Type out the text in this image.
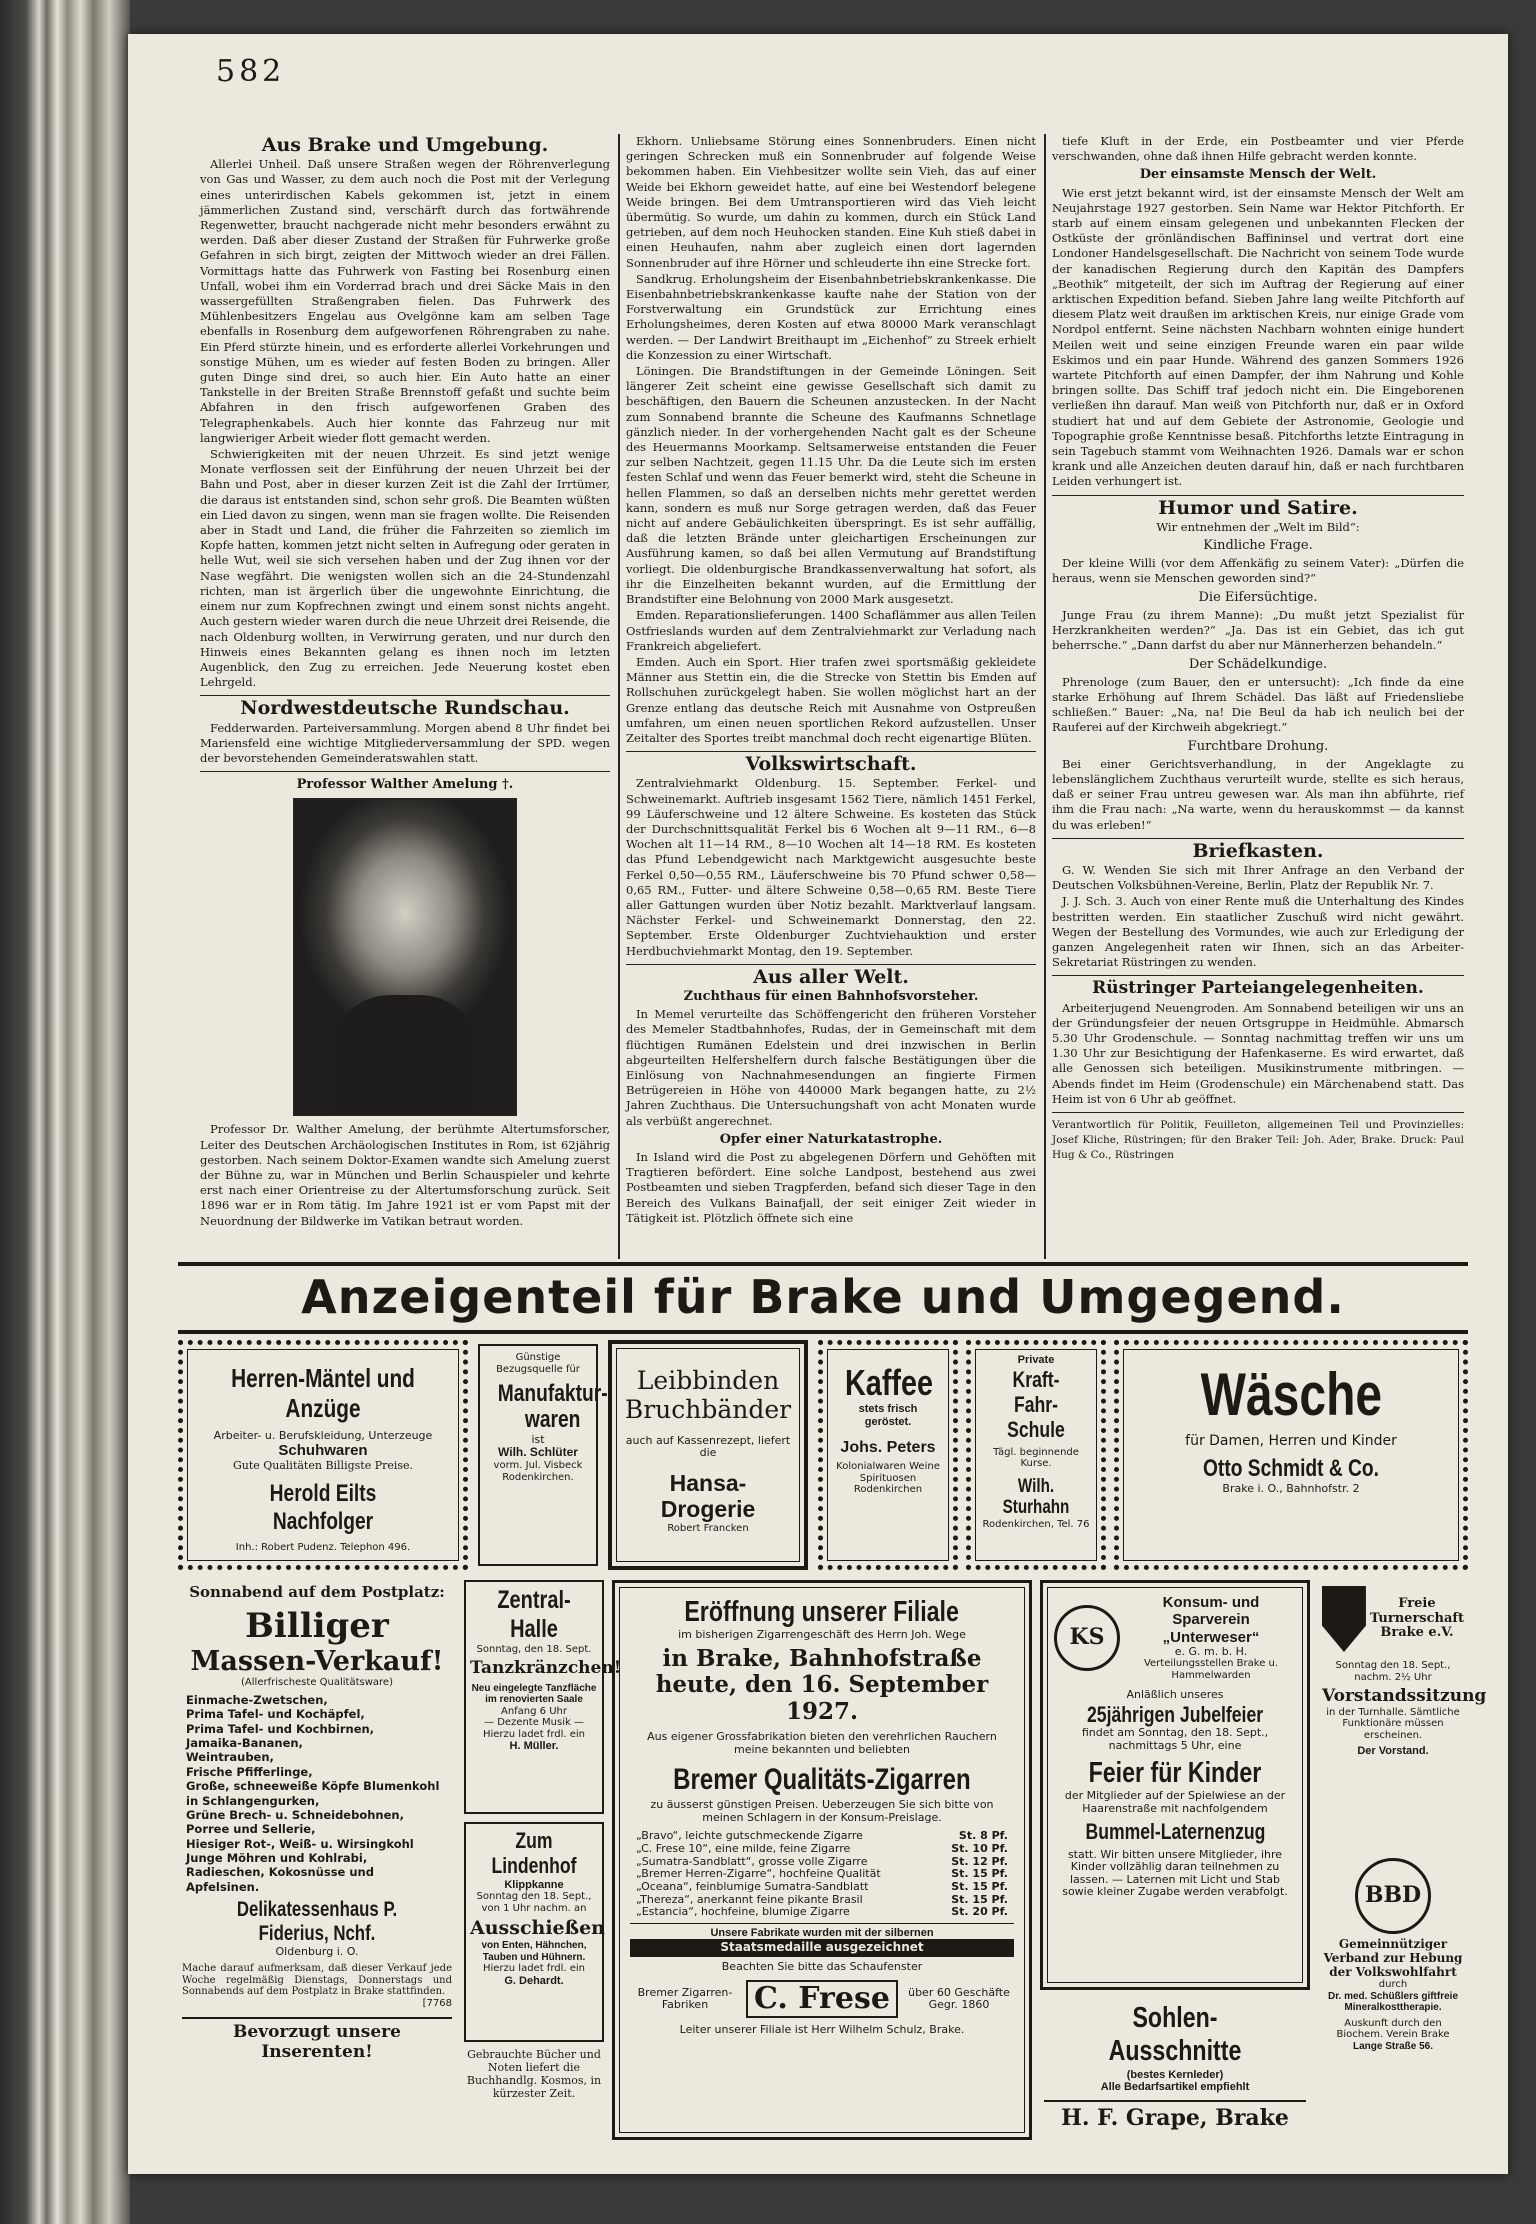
582
Aus Brake und Umgebung.

Allerlei Unheil. Daß unsere Straßen wegen der Röhrenverlegung von Gas und Wasser, zu dem auch noch die Post mit der Verlegung eines unterirdischen Kabels gekommen ist, jetzt in einem jämmerlichen Zustand sind, verschärft durch das fortwährende Regenwetter, braucht nachgerade nicht mehr besonders erwähnt zu werden. Daß aber dieser Zustand der Straßen für Fuhrwerke große Gefahren in sich birgt, zeigten der Mittwoch wieder an drei Fällen. Vormittags hatte das Fuhrwerk von Fasting bei Rosenburg einen Unfall, wobei ihm ein Vorderrad brach und drei Säcke Mais in den wassergefüllten Straßengraben fielen. Das Fuhrwerk des Mühlenbesitzers Engelau aus Ovelgönne kam am selben Tage ebenfalls in Rosenburg dem aufgeworfenen Röhrengraben zu nahe. Ein Pferd stürzte hinein, und es erforderte allerlei Vorkehrungen und sonstige Mühen, um es wieder auf festen Boden zu bringen. Aller guten Dinge sind drei, so auch hier. Ein Auto hatte an einer Tankstelle in der Breiten Straße Brennstoff gefaßt und suchte beim Abfahren in den frisch aufgeworfenen Graben des Telegraphenkabels. Auch hier konnte das Fahrzeug nur mit langwieriger Arbeit wieder flott gemacht werden.

Schwierigkeiten mit der neuen Uhrzeit. Es sind jetzt wenige Monate verflossen seit der Einführung der neuen Uhrzeit bei der Bahn und Post, aber in dieser kurzen Zeit ist die Zahl der Irrtümer, die daraus ist entstanden sind, schon sehr groß. Die Beamten wüßten ein Lied davon zu singen, wenn man sie fragen wollte. Die Reisenden aber in Stadt und Land, die früher die Fahrzeiten so ziemlich im Kopfe hatten, kommen jetzt nicht selten in Aufregung oder geraten in helle Wut, weil sie sich versehen haben und der Zug ihnen vor der Nase wegfährt. Die wenigsten wollen sich an die 24-Stundenzahl richten, man ist ärgerlich über die ungewohnte Einrichtung, die einem nur zum Kopfrechnen zwingt und einem sonst nichts angeht. Auch gestern wieder waren durch die neue Uhrzeit drei Reisende, die nach Oldenburg wollten, in Verwirrung geraten, und nur durch den Hinweis eines Bekannten gelang es ihnen noch im letzten Augenblick, den Zug zu erreichen. Jede Neuerung kostet eben Lehrgeld.

Nordwestdeutsche Rundschau.

Fedderwarden. Parteiversammlung. Morgen abend 8 Uhr findet bei Mariensfeld eine wichtige Mitgliederversammlung der SPD. wegen der bevorstehenden Gemeinderatswahlen statt.

Professor Walther Amelung †.

Professor Dr. Walther Amelung, der berühmte Altertumsforscher, Leiter des Deutschen Archäologischen Institutes in Rom, ist 62jährig gestorben. Nach seinem Doktor-Examen wandte sich Amelung zuerst der Bühne zu, war in München und Berlin Schauspieler und kehrte erst nach einer Orientreise zu der Altertumsforschung zurück. Seit 1896 war er in Rom tätig. Im Jahre 1921 ist er vom Papst mit der Neuordnung der Bildwerke im Vatikan betraut worden.

Ekhorn. Unliebsame Störung eines Sonnenbruders. Einen nicht geringen Schrecken muß ein Sonnenbruder auf folgende Weise bekommen haben. Ein Viehbesitzer wollte sein Vieh, das auf einer Weide bei Ekhorn geweidet hatte, auf eine bei Westendorf belegene Weide bringen. Bei dem Umtransportieren wird das Vieh leicht übermütig. So wurde, um dahin zu kommen, durch ein Stück Land getrieben, auf dem noch Heuhocken standen. Eine Kuh stieß dabei in einen Heuhaufen, nahm aber zugleich einen dort lagernden Sonnenbruder auf ihre Hörner und schleuderte ihn eine Strecke fort.

Sandkrug. Erholungsheim der Eisenbahnbetriebskrankenkasse. Die Eisenbahnbetriebskrankenkasse kaufte nahe der Station von der Forstverwaltung ein Grundstück zur Errichtung eines Erholungsheimes, deren Kosten auf etwa 80000 Mark veranschlagt werden. — Der Landwirt Breithaupt im „Eichenhof“ zu Streek erhielt die Konzession zu einer Wirtschaft.

Löningen. Die Brandstiftungen in der Gemeinde Löningen. Seit längerer Zeit scheint eine gewisse Gesellschaft sich damit zu beschäftigen, den Bauern die Scheunen anzustecken. In der Nacht zum Sonnabend brannte die Scheune des Kaufmanns Schnetlage gänzlich nieder. In der vorhergehenden Nacht galt es der Scheune des Heuermanns Moorkamp. Seltsamerweise entstanden die Feuer zur selben Nachtzeit, gegen 11.15 Uhr. Da die Leute sich im ersten festen Schlaf und wenn das Feuer bemerkt wird, steht die Scheune in hellen Flammen, so daß an derselben nichts mehr gerettet werden kann, sondern es muß nur Sorge getragen werden, daß das Feuer nicht auf andere Gebäulichkeiten überspringt. Es ist sehr auffällig, daß die letzten Brände unter gleichartigen Erscheinungen zur Ausführung kamen, so daß bei allen Vermutung auf Brandstiftung vorliegt. Die oldenburgische Brandkassenverwaltung hat sofort, als ihr die Einzelheiten bekannt wurden, auf die Ermittlung der Brandstifter eine Belohnung von 2000 Mark ausgesetzt.

Emden. Reparationslieferungen. 1400 Schaflämmer aus allen Teilen Ostfrieslands wurden auf dem Zentralviehmarkt zur Verladung nach Frankreich abgeliefert.

Emden. Auch ein Sport. Hier trafen zwei sportsmäßig gekleidete Männer aus Stettin ein, die die Strecke von Stettin bis Emden auf Rollschuhen zurückgelegt haben. Sie wollen möglichst hart an der Grenze entlang das deutsche Reich mit Ausnahme von Ostpreußen umfahren, um einen neuen sportlichen Rekord aufzustellen. Unser Zeitalter des Sportes treibt manchmal doch recht eigenartige Blüten.

Volkswirtschaft.

Zentralviehmarkt Oldenburg. 15. September. Ferkel- und Schweinemarkt. Auftrieb insgesamt 1562 Tiere, nämlich 1451 Ferkel, 99 Läuferschweine und 12 ältere Schweine. Es kosteten das Stück der Durchschnittsqualität Ferkel bis 6 Wochen alt 9—11 RM., 6—8 Wochen alt 11—14 RM., 8—10 Wochen alt 14—18 RM. Es kosteten das Pfund Lebendgewicht nach Marktgewicht ausgesuchte beste Ferkel 0,50—0,55 RM., Läuferschweine bis 70 Pfund schwer 0,58—0,65 RM., Futter- und ältere Schweine 0,58—0,65 RM. Beste Tiere aller Gattungen wurden über Notiz bezahlt. Marktverlauf langsam. Nächster Ferkel- und Schweinemarkt Donnerstag, den 22. September. Erste Oldenburger Zuchtviehauktion und erster Herdbuchviehmarkt Montag, den 19. September.

Aus aller Welt.
Zuchthaus für einen Bahnhofsvorsteher.

In Memel verurteilte das Schöffengericht den früheren Vorsteher des Memeler Stadtbahnhofes, Rudas, der in Gemeinschaft mit dem flüchtigen Rumänen Edelstein und drei inzwischen in Berlin abgeurteilten Helfershelfern durch falsche Bestätigungen über die Einlösung von Nachnahmesendungen an fingierte Firmen Betrügereien in Höhe von 440000 Mark begangen hatte, zu 2½ Jahren Zuchthaus. Die Untersuchungshaft von acht Monaten wurde als verbüßt angerechnet.

Opfer einer Naturkatastrophe.

In Island wird die Post zu abgelegenen Dörfern und Gehöften mit Tragtieren befördert. Eine solche Landpost, bestehend aus zwei Postbeamten und sieben Tragpferden, befand sich dieser Tage in den Bereich des Vulkans Bainafjall, der seit einiger Zeit wieder in Tätigkeit ist. Plötzlich öffnete sich eine

tiefe Kluft in der Erde, ein Postbeamter und vier Pferde verschwanden, ohne daß ihnen Hilfe gebracht werden konnte.

Der einsamste Mensch der Welt.

Wie erst jetzt bekannt wird, ist der einsamste Mensch der Welt am Neujahrstage 1927 gestorben. Sein Name war Hektor Pitchforth. Er starb auf einem einsam gelegenen und unbekannten Flecken der Ostküste der grönländischen Baffininsel und vertrat dort eine Londoner Handelsgesellschaft. Die Nachricht von seinem Tode wurde der kanadischen Regierung durch den Kapitän des Dampfers „Beothik“ mitgeteilt, der sich im Auftrag der Regierung auf einer arktischen Expedition befand. Sieben Jahre lang weilte Pitchforth auf diesem Platz weit draußen im arktischen Kreis, nur einige Grade vom Nordpol entfernt. Seine nächsten Nachbarn wohnten einige hundert Meilen weit und seine einzigen Freunde waren ein paar wilde Eskimos und ein paar Hunde. Während des ganzen Sommers 1926 wartete Pitchforth auf einen Dampfer, der ihm Nahrung und Kohle bringen sollte. Das Schiff traf jedoch nicht ein. Die Eingeborenen verließen ihn darauf. Man weiß von Pitchforth nur, daß er in Oxford studiert hat und auf dem Gebiete der Astronomie, Geologie und Topographie große Kenntnisse besaß. Pitchforths letzte Eintragung in sein Tagebuch stammt vom Weihnachten 1926. Damals war er schon krank und alle Anzeichen deuten darauf hin, daß er nach furchtbaren Leiden verhungert ist.

Humor und Satire.
Wir entnehmen der „Welt im Bild“:
Kindliche Frage.

Der kleine Willi (vor dem Affenkäfig zu seinem Vater): „Dürfen die heraus, wenn sie Menschen geworden sind?“

Die Eifersüchtige.

Junge Frau (zu ihrem Manne): „Du mußt jetzt Spezialist für Herzkrankheiten werden?“ „Ja. Das ist ein Gebiet, das ich gut beherrsche.“ „Dann darfst du aber nur Männerherzen behandeln.“

Der Schädelkundige.

Phrenologe (zum Bauer, den er untersucht): „Ich finde da eine starke Erhöhung auf Ihrem Schädel. Das läßt auf Friedensliebe schließen.“ Bauer: „Na, na! Die Beul da hab ich neulich bei der Rauferei auf der Kirchweih abgekriegt.“

Furchtbare Drohung.

Bei einer Gerichtsverhandlung, in der Angeklagte zu lebenslänglichem Zuchthaus verurteilt wurde, stellte es sich heraus, daß er seiner Frau untreu gewesen war. Als man ihn abführte, rief ihm die Frau nach: „Na warte, wenn du herauskommst — da kannst du was erleben!“

Briefkasten.

G. W. Wenden Sie sich mit Ihrer Anfrage an den Verband der Deutschen Volksbühnen-Vereine, Berlin, Platz der Republik Nr. 7.

J. J. Sch. 3. Auch von einer Rente muß die Unterhaltung des Kindes bestritten werden. Ein staatlicher Zuschuß wird nicht gewährt. Wegen der Bestellung des Vormundes, wie auch zur Erledigung der ganzen Angelegenheit raten wir Ihnen, sich an das Arbeiter-Sekretariat Rüstringen zu wenden.

Rüstringer Parteiangelegenheiten.

Arbeiterjugend Neuengroden. Am Sonnabend beteiligen wir uns an der Gründungsfeier der neuen Ortsgruppe in Heidmühle. Abmarsch 5.30 Uhr Grodenschule. — Sonntag nachmittag treffen wir uns um 1.30 Uhr zur Besichtigung der Hafenkaserne. Es wird erwartet, daß alle Genossen sich beteiligen. Musikinstrumente mitbringen. — Abends findet im Heim (Grodenschule) ein Märchenabend statt. Das Heim ist von 6 Uhr ab geöffnet.

Verantwortlich für Politik, Feuilleton, allgemeinen Teil und Provinzielles: Josef Kliche, Rüstringen; für den Braker Teil: Joh. Ader, Brake. Druck: Paul Hug & Co., Rüstringen

Anzeigenteil für Brake und Umgegend.
Herren-Mäntel und Anzüge
Arbeiter- u. Berufskleidung, Unterzeuge
Schuhwaren
Gute Qualitäten Billigste Preise.
Herold Eilts Nachfolger
Inh.: Robert Pudenz. Telephon 496.
Günstige Bezugsquelle für
Manufaktur-waren
ist
Wilh. Schlüter
vorm. Jul. Visbeck Rodenkirchen.
Leibbinden
Bruchbänder
auch auf Kassenrezept, liefert die
Hansa-Drogerie
Robert Francken
Kaffee
stets frisch geröstet.
Johs. Peters
Kolonialwaren Weine Spirituosen Rodenkirchen
Private
Kraft-Fahr-Schule
Tägl. beginnende Kurse.
Wilh. Sturhahn
Rodenkirchen, Tel. 76
Wäsche
für Damen, Herren und Kinder
Otto Schmidt & Co.
Brake i. O., Bahnhofstr. 2
Sonnabend auf dem Postplatz:
Billiger
Massen-Verkauf!
(Allerfrischeste Qualitätsware)
Einmache-Zwetschen,
Prima Tafel- und Kochäpfel,
Prima Tafel- und Kochbirnen,
Jamaika-Bananen,
Weintrauben,
Frische Pfifferlinge,
Große, schneeweiße Köpfe Blumenkohl
in Schlangengurken,
Grüne Brech- u. Schneidebohnen,
Porree und Sellerie,
Hiesiger Rot-, Weiß- u. Wirsingkohl
Junge Möhren und Kohlrabi,
Radieschen, Kokosnüsse und
Apfelsinen.
Delikatessenhaus P. Fiderius, Nchf.
Oldenburg i. O.
Mache darauf aufmerksam, daß dieser Verkauf jede Woche regelmäßig Dienstags, Donnerstags und Sonnabends auf dem Postplatz in Brake stattfinden.
[7768
Bevorzugt unsere Inserenten!
Zentral-Halle
Sonntag, den 18. Sept.
Tanzkränzchen!
Neu eingelegte Tanzfläche im renovierten Saale
Anfang 6 Uhr
— Dezente Musik —
Hierzu ladet frdl. ein
H. Müller.
Zum Lindenhof
Klippkanne
Sonntag den 18. Sept., von 1 Uhr nachm. an
Ausschießen
von Enten, Hähnchen, Tauben und Hühnern.
Hierzu ladet frdl. ein
G. Dehardt.
Gebrauchte Bücher und Noten liefert die Buchhandlg. Kosmos, in kürzester Zeit.
Eröffnung unserer Filiale
im bisherigen Zigarrengeschäft des Herrn Joh. Wege
in Brake, Bahnhofstraße
heute, den 16. September 1927.
Aus eigener Grossfabrikation bieten den verehrlichen Rauchern meine bekannten und beliebten
Bremer Qualitäts-Zigarren
zu äusserst günstigen Preisen. Ueberzeugen Sie sich bitte von meinen Schlagern in der Konsum-Preislage.
„Bravo“, leichte gutschmeckende Zigarre	St. 8 Pf.
„C. Frese 10“, eine milde, feine Zigarre	St. 10 Pf.
„Sumatra-Sandblatt“, grosse volle Zigarre	St. 12 Pf.
„Bremer Herren-Zigarre“, hochfeine Qualität	St. 15 Pf.
„Oceana“, feinblumige Sumatra-Sandblatt	St. 15 Pf.
„Thereza“, anerkannt feine pikante Brasil	St. 15 Pf.
„Estancia“, hochfeine, blumige Zigarre	St. 20 Pf.
Unsere Fabrikate wurden mit der silbernen
Staatsmedaille ausgezeichnet
Beachten Sie bitte das Schaufenster
Bremer Zigarren-Fabriken	C. Frese	über 60 Geschäfte Gegr. 1860
Leiter unserer Filiale ist Herr Wilhelm Schulz, Brake.
KS
Konsum- und Sparverein „Unterweser“
e. G. m. b. H.
Verteilungsstellen Brake u. Hammelwarden
Anläßlich unseres
25jährigen Jubelfeier
findet am Sonntag, den 18. Sept., nachmittags 5 Uhr, eine
Feier für Kinder
der Mitglieder auf der Spielwiese an der Haarenstraße mit nachfolgendem
Bummel-Laternenzug
statt. Wir bitten unsere Mitglieder, ihre Kinder vollzählig daran teilnehmen zu lassen. — Laternen mit Licht und Stab sowie kleiner Zugabe werden verabfolgt.
Sohlen-Ausschnitte
(bestes Kernleder)
Alle Bedarfsartikel empfiehlt
H. F. Grape, Brake
Freie Turnerschaft Brake e.V.
Sonntag den 18. Sept., nachm. 2½ Uhr
Vorstandssitzung
in der Turnhalle. Sämtliche Funktionäre müssen erscheinen.
Der Vorstand.
BBD
Gemeinnütziger Verband zur Hebung der Volkswohlfahrt
durch
Dr. med. Schüßlers giftfreie Mineralkosttherapie.
Auskunft durch den Biochem. Verein Brake
Lange Straße 56.
